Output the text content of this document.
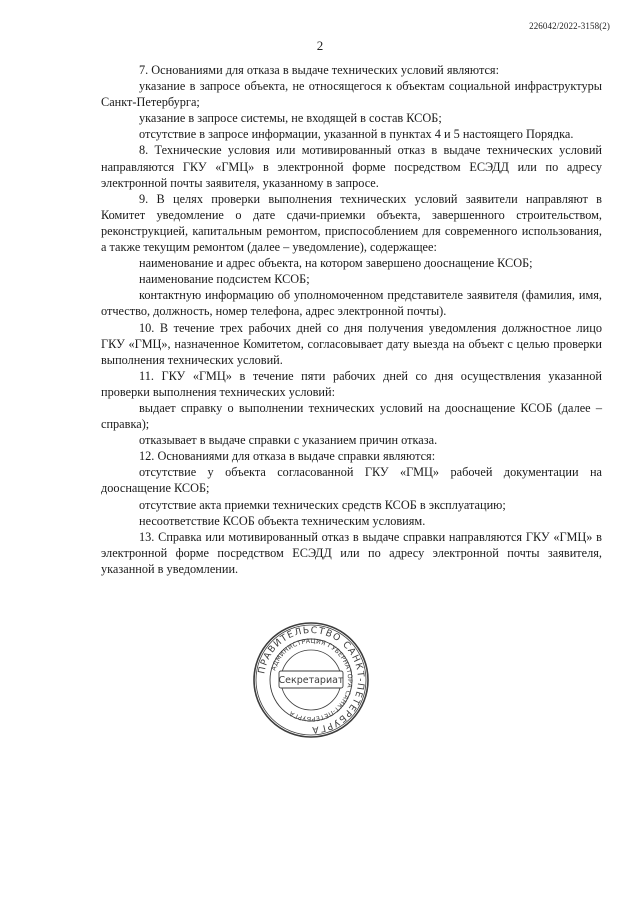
226042/2022-3158(2)
2

7. Основаниями для отказа в выдаче технических условий являются:

указание в запросе объекта, не относящегося к объектам социальной инфраструктуры Санкт-Петербурга;

указание в запросе системы, не входящей в состав КСОБ;

отсутствие в запросе информации, указанной в пунктах 4 и 5 настоящего Порядка.

8. Технические условия или мотивированный отказ в выдаче технических условий направляются ГКУ «ГМЦ» в электронной форме посредством ЕСЭДД или по адресу электронной почты заявителя, указанному в запросе.

9. В целях проверки выполнения технических условий заявители направляют в Комитет уведомление о дате сдачи-приемки объекта, завершенного строительством, реконструкцией, капитальным ремонтом, приспособлением для современного использования, а также текущим ремонтом (далее – уведомление), содержащее:

наименование и адрес объекта, на котором завершено дооснащение КСОБ;

наименование подсистем КСОБ;

контактную информацию об уполномоченном представителе заявителя (фамилия, имя, отчество, должность, номер телефона, адрес электронной почты).

10. В течение трех рабочих дней со дня получения уведомления должностное лицо ГКУ «ГМЦ», назначенное Комитетом, согласовывает дату выезда на объект с целью проверки выполнения технических условий.

11. ГКУ «ГМЦ» в течение пяти рабочих дней со дня осуществления указанной проверки выполнения технических условий:

выдает справку о выполнении технических условий на дооснащение КСОБ (далее – справка);

отказывает в выдаче справки с указанием причин отказа.

12. Основаниями для отказа в выдаче справки являются:

отсутствие у объекта согласованной ГКУ «ГМЦ» рабочей документации на дооснащение КСОБ;

отсутствие акта приемки технических средств КСОБ в эксплуатацию;

несоответствие КСОБ объекта техническим условиям.

13. Справка или мотивированный отказ в выдаче справки направляются ГКУ «ГМЦ» в электронной форме посредством ЕСЭДД или по адресу электронной почты заявителя, указанной в уведомлении.

ПРАВИТЕЛЬСТВО САНКТ-ПЕТЕРБУРГА
АДМИНИСТРАЦИЯ ГУБЕРНАТОРА САНКТ-ПЕТЕРБУРГА
Секретариат
